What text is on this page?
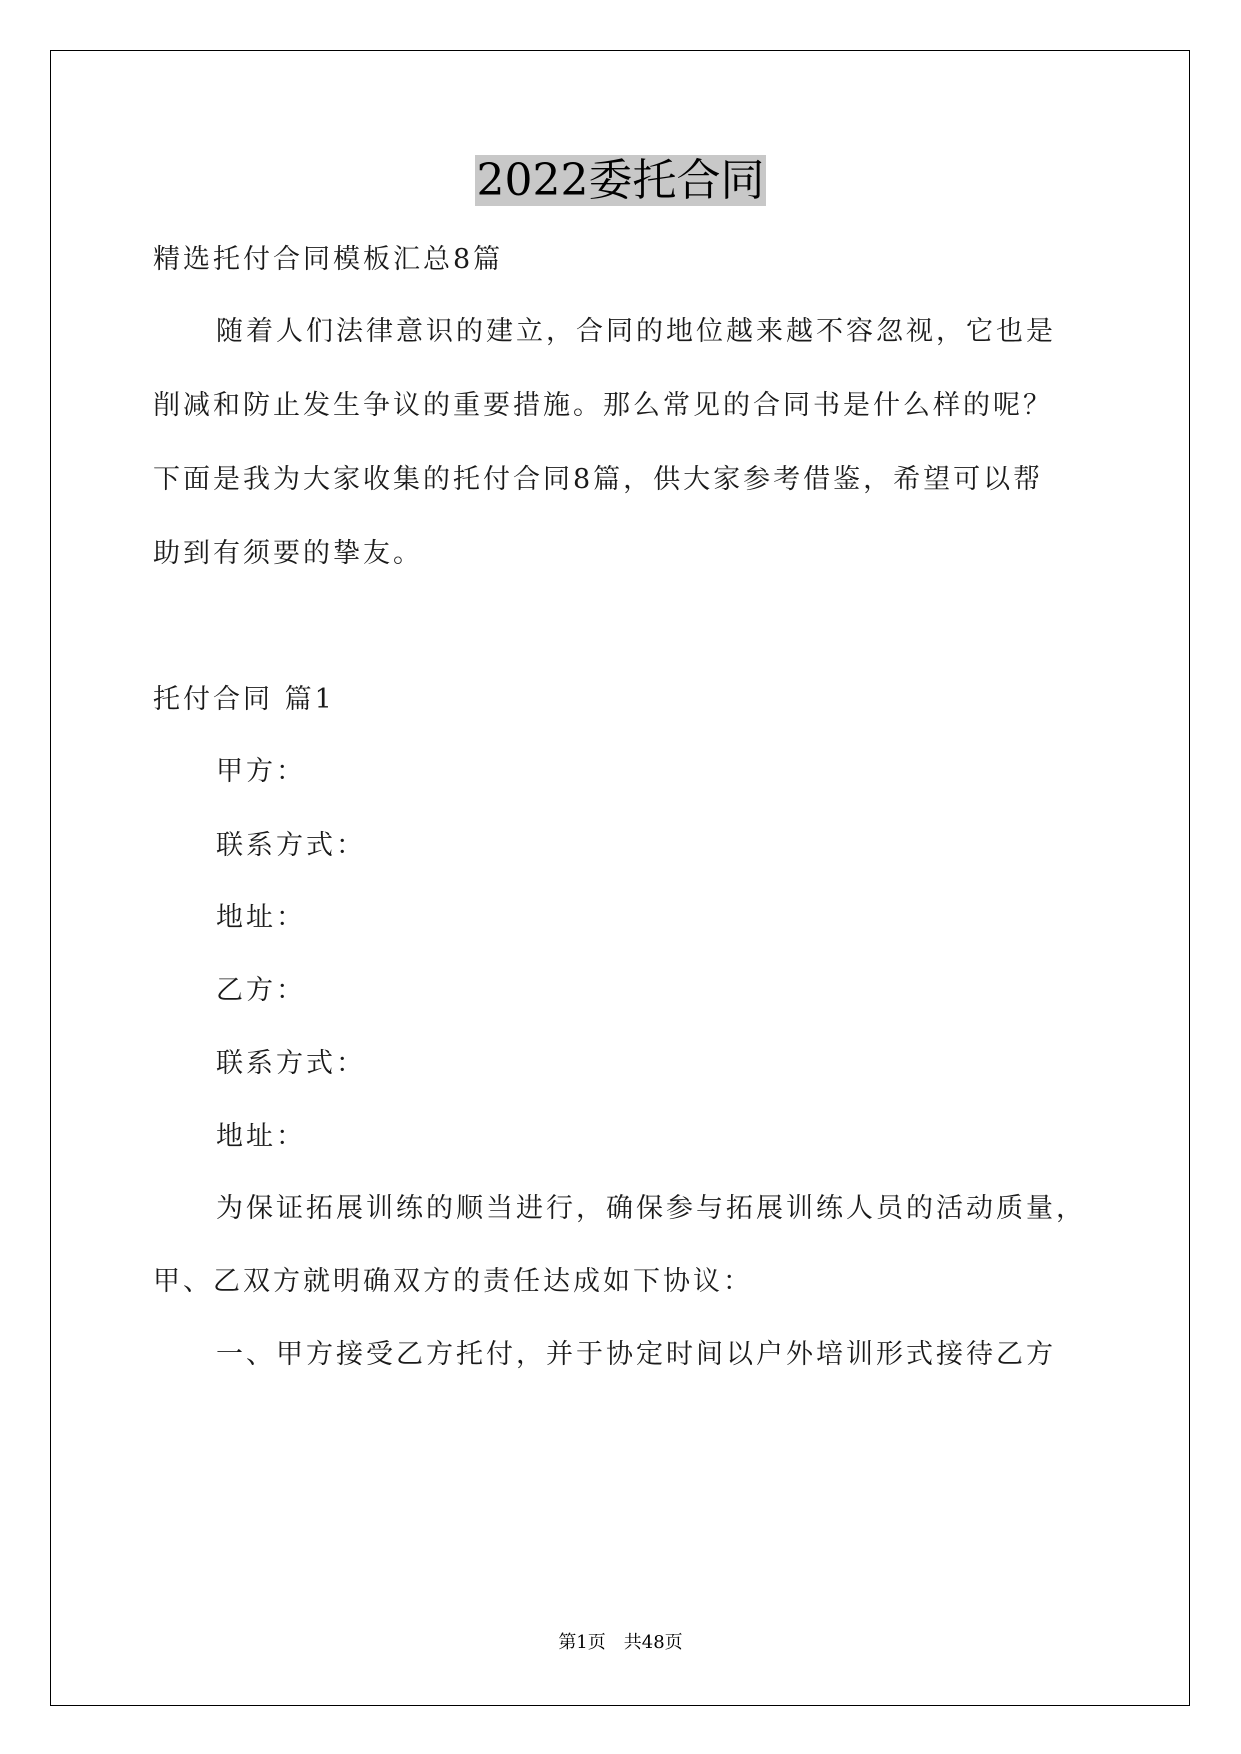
2022委托合同
精选托付合同模板汇总8篇
随着人们法律意识的建立，合同的地位越来越不容忽视，它也是
削减和防止发生争议的重要措施。那么常见的合同书是什么样的呢？
下面是我为大家收集的托付合同8篇，供大家参考借鉴，希望可以帮
助到有须要的挚友。
托付合同 篇1
甲方：
联系方式：
地址：
乙方：
联系方式：
地址：
为保证拓展训练的顺当进行，确保参与拓展训练人员的活动质量，
甲、乙双方就明确双方的责任达成如下协议：
一、甲方接受乙方托付，并于协定时间以户外培训形式接待乙方
第1页　共48页
